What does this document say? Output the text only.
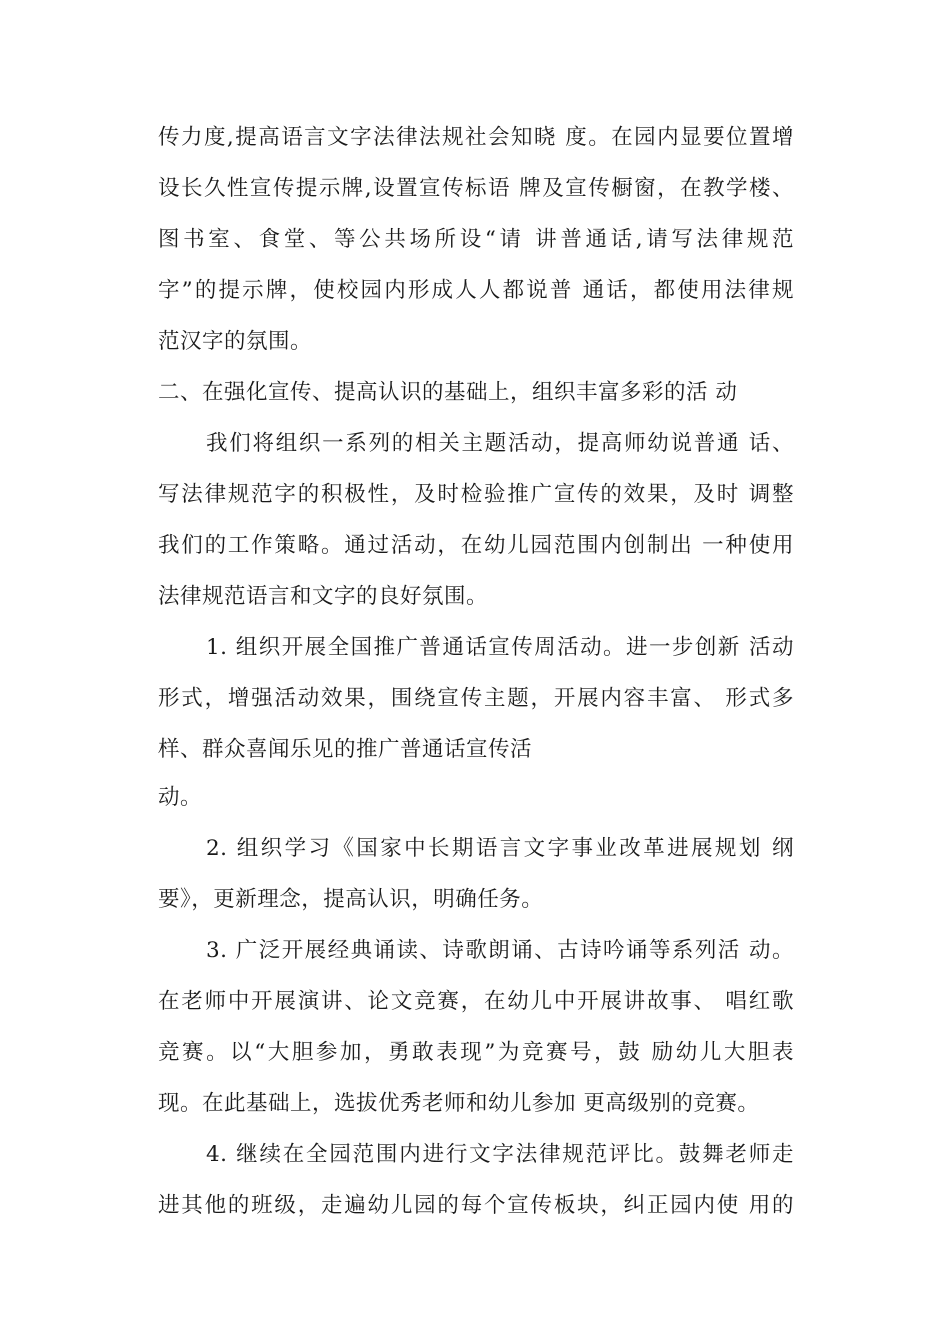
传力度,提高语言文字法律法规社会知晓 度。在园内显要位置增
设长久性宣传提示牌,设置宣传标语 牌及宣传橱窗，在教学楼、
图书室、食堂、等公共场所设“请 讲普通话,请写法律规范
字”的提示牌，使校园内形成人人都说普 通话，都使用法律规
范汉字的氛围。
二、在强化宣传、提高认识的基础上，组织丰富多彩的活 动
我们将组织一系列的相关主题活动，提高师幼说普通 话、
写法律规范字的积极性，及时检验推广宣传的效果，及时 调整
我们的工作策略。通过活动，在幼儿园范围内创制出 一种使用
法律规范语言和文字的良好氛围。
1. 组织开展全国推广普通话宣传周活动。进一步创新 活动
形式，增强活动效果，围绕宣传主题，开展内容丰富、 形式多
样、群众喜闻乐见的推广普通话宣传活
动。
2. 组织学习《国家中长期语言文字事业改革进展规划 纲
要》，更新理念，提高认识，明确任务。
3. 广泛开展经典诵读、诗歌朗诵、古诗吟诵等系列活 动。
在老师中开展演讲、论文竞赛，在幼儿中开展讲故事、 唱红歌
竞赛。以“大胆参加，勇敢表现”为竞赛号，鼓 励幼儿大胆表
现。在此基础上，选拔优秀老师和幼儿参加 更高级别的竞赛。
4. 继续在全园范围内进行文字法律规范评比。鼓舞老师走
进其他的班级，走遍幼儿园的每个宣传板块，纠正园内使 用的
